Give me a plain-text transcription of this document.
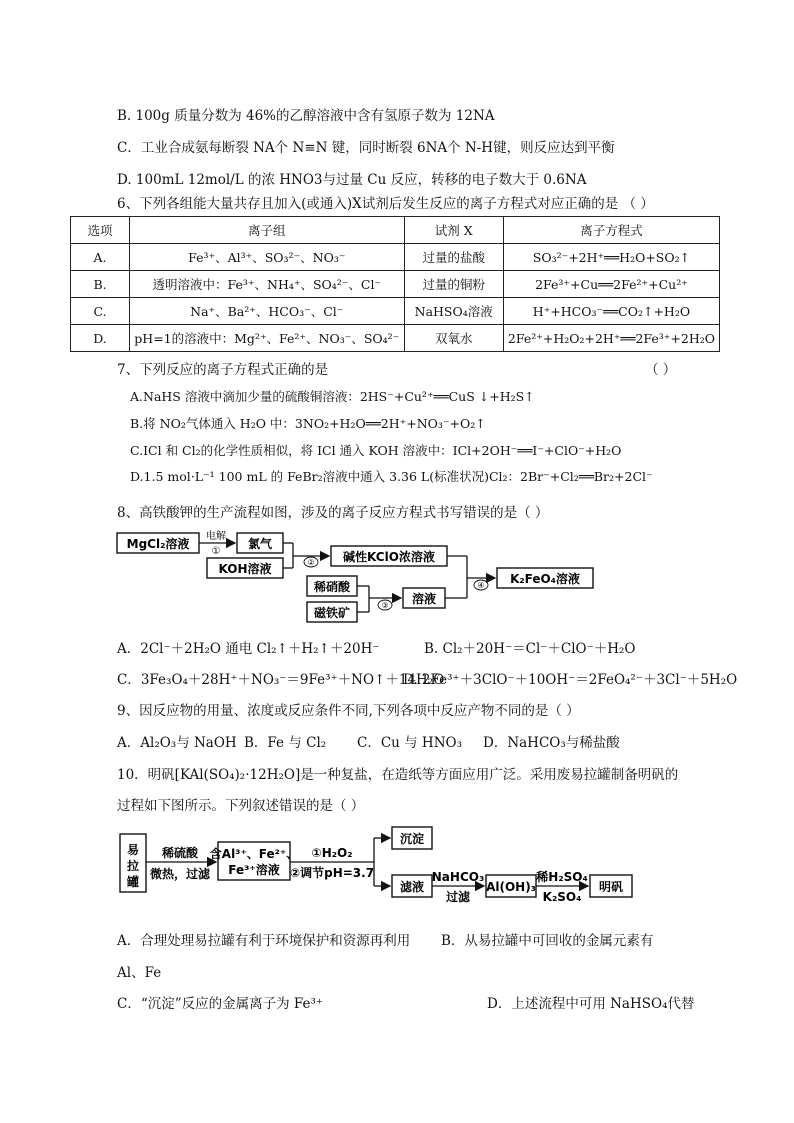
B. 100g 质量分数为 46%的乙醇溶液中含有氢原子数为 12NA
C．工业合成氨每断裂 NA个 N≡N 键，同时断裂 6NA个 N-H键，则反应达到平衡
D. 100mL 12mol/L 的浓 HNO3与过量 Cu 反应，转移的电子数大于 0.6NA
6、下列各组能大量共存且加入(或通入)X试剂后发生反应的离子方程式对应正确的是 （ ）
选项	离子组	试剂 X	离子方程式
A.	Fe³⁺、Al³⁺、SO₃²⁻、NO₃⁻	过量的盐酸	SO₃²⁻+2H⁺══H₂O+SO₂↑
B.	透明溶液中：Fe³⁺、NH₄⁺、SO₄²⁻、Cl⁻	过量的铜粉	2Fe³⁺+Cu══2Fe²⁺+Cu²⁺
C.	Na⁺、Ba²⁺、HCO₃⁻、Cl⁻	NaHSO₄溶液	H⁺+HCO₃⁻══CO₂↑+H₂O
D.	pH=1的溶液中：Mg²⁺、Fe²⁺、NO₃⁻、SO₄²⁻	双氧水	2Fe²⁺+H₂O₂+2H⁺══2Fe³⁺+2H₂O
7、下列反应的离子方程式正确的是	（ ）
A.NaHS 溶液中滴加少量的硫酸铜溶液：2HS⁻+Cu²⁺══CuS ↓+H₂S↑
B.将 NO₂气体通入 H₂O 中：3NO₂+H₂O══2H⁺+NO₃⁻+O₂↑
C.ICl 和 Cl₂的化学性质相似，将 ICl 通入 KOH 溶液中：ICl+2OH⁻══I⁻+ClO⁻+H₂O
D.1.5 mol·L⁻¹ 100 mL 的 FeBr₂溶液中通入 3.36 L(标准状况)Cl₂：2Br⁻+Cl₂══Br₂+2Cl⁻
8、高铁酸钾的生产流程如图，涉及的离子反应方程式书写错误的是（ ）
MgCl₂溶液
电解
①
氯气
KOH溶液	② 碱性KClO浓溶液
稀硝酸
磁铁矿
③ 溶液
④ K₂FeO₄溶液
A．2Cl⁻＋2H₂O 通电 Cl₂↑＋H₂↑＋20H⁻	B. Cl₂＋20H⁻＝Cl⁻＋ClO⁻＋H₂O
C．3Fe₃O₄＋28H⁺＋NO₃⁻＝9Fe³⁺＋NO↑＋14H₂O
D. 2Fe³⁺＋3ClO⁻＋10OH⁻＝2FeO₄²⁻＋3Cl⁻＋5H₂O
9、因反应物的用量、浓度或反应条件不同,下列各项中反应产物不同的是（ ）
A．Al₂O₃与 NaOH B．Fe 与 Cl₂ C．Cu 与 HNO₃ D．NaHCO₃与稀盐酸
10．明矾[KAl(SO₄)₂·12H₂O]是一种复盐，在造纸等方面应用广泛。采用废易拉罐制备明矾的
过程如下图所示。下列叙述错误的是（ ）
易
拉
罐
稀硫酸
微热，过滤
含Al³⁺、Fe²⁺、
Fe³⁺溶液
①H₂O₂
②调节pH=3.7
沉淀
滤液
NaHCO₃
过滤
Al(OH)₃
稀H₂SO₄
K₂SO₄
明矾
A．合理处理易拉罐有利于环境保护和资源再利用 B．从易拉罐中可回收的金属元素有
Al、Fe
C．“沉淀”反应的金属离子为 Fe³⁺	D．上述流程中可用 NaHSO₄代替
